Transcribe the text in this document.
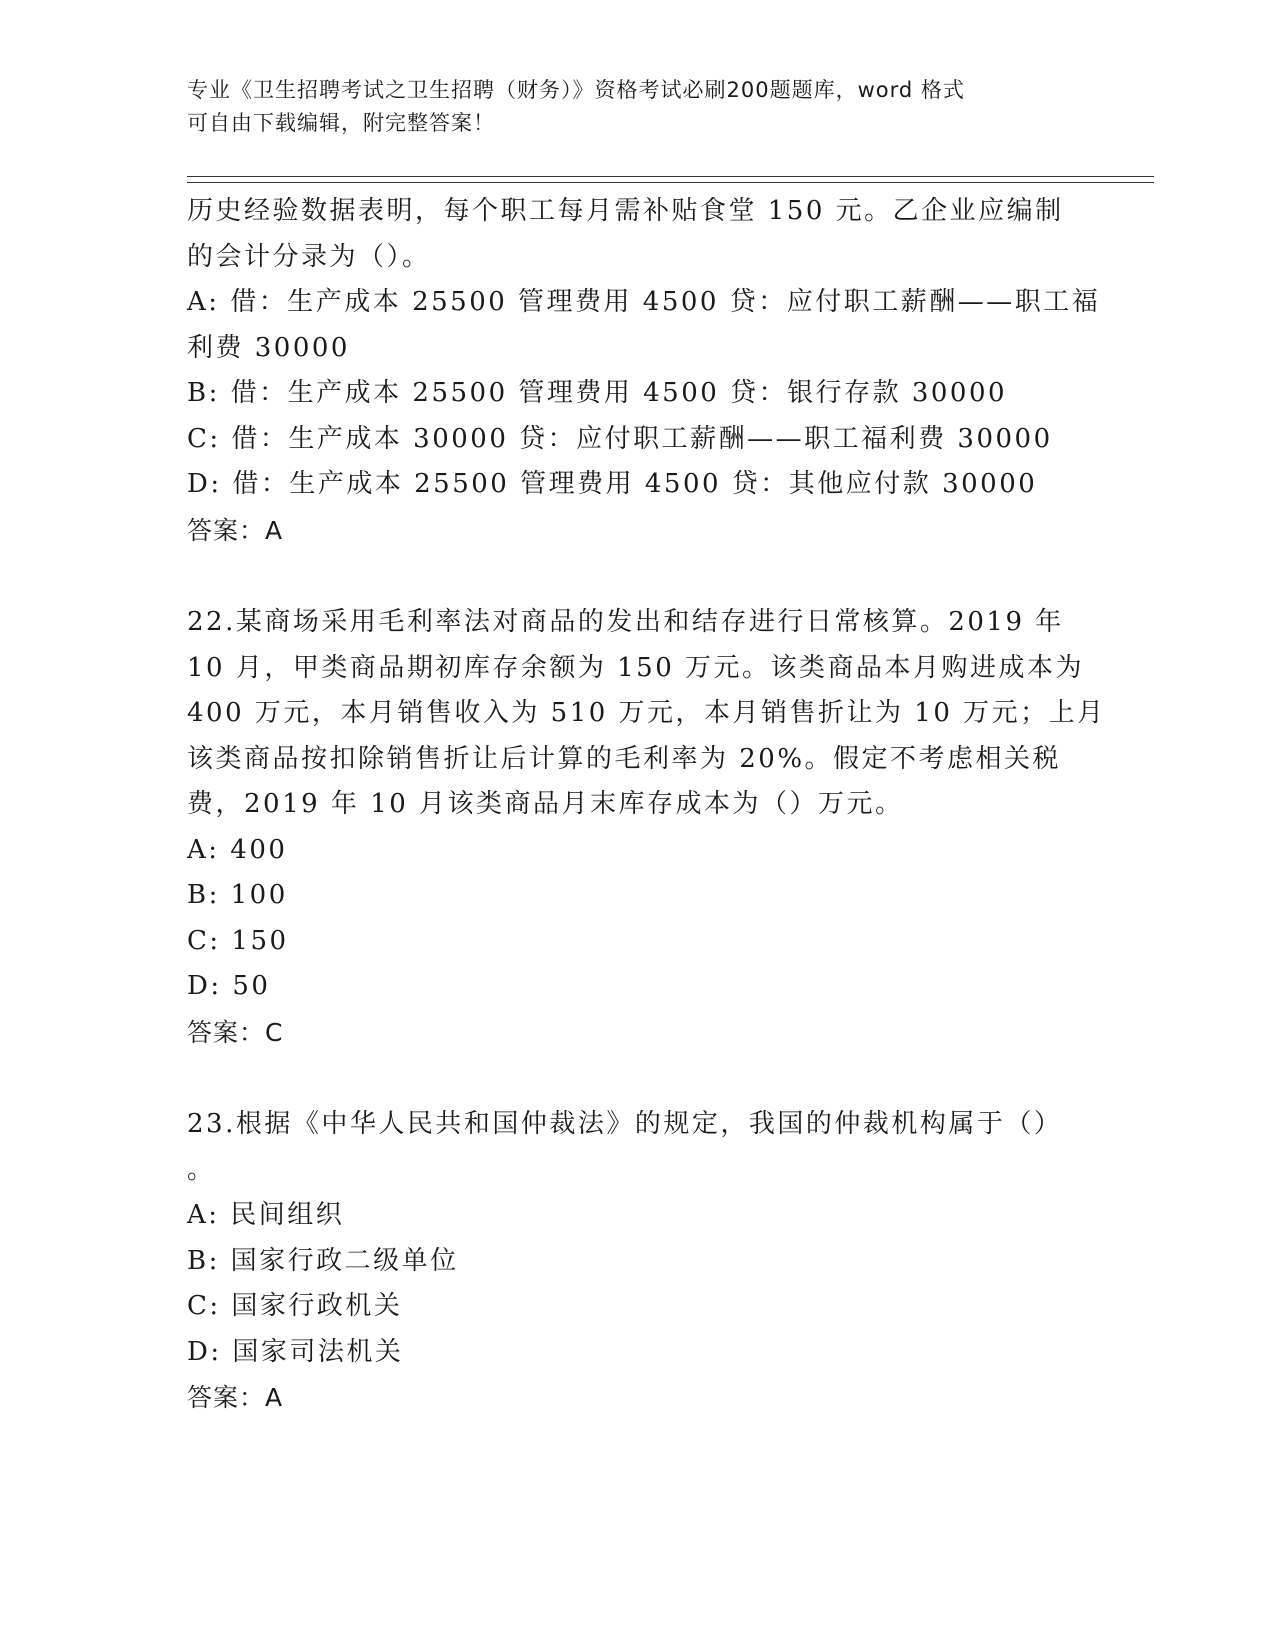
专业《卫生招聘考试之卫生招聘（财务）》资格考试必刷200题题库，word 格式
可自由下载编辑，附完整答案！
历史经验数据表明，每个职工每月需补贴食堂 150 元。乙企业应编制
的会计分录为（）。
A: 借：生产成本 25500 管理费用 4500 贷：应付职工薪酬——职工福
利费 30000
B: 借：生产成本 25500 管理费用 4500 贷：银行存款 30000
C: 借：生产成本 30000 贷：应付职工薪酬——职工福利费 30000
D: 借：生产成本 25500 管理费用 4500 贷：其他应付款 30000
答案：A
22.某商场采用毛利率法对商品的发出和结存进行日常核算。2019 年
10 月，甲类商品期初库存余额为 150 万元。该类商品本月购进成本为
400 万元，本月销售收入为 510 万元，本月销售折让为 10 万元；上月
该类商品按扣除销售折让后计算的毛利率为 20%。假定不考虑相关税
费，2019 年 10 月该类商品月末库存成本为（）万元。
A: 400
B: 100
C: 150
D: 50
答案：C
23.根据《中华人民共和国仲裁法》的规定，我国的仲裁机构属于（）
。
A: 民间组织
B: 国家行政二级单位
C: 国家行政机关
D: 国家司法机关
答案：A
